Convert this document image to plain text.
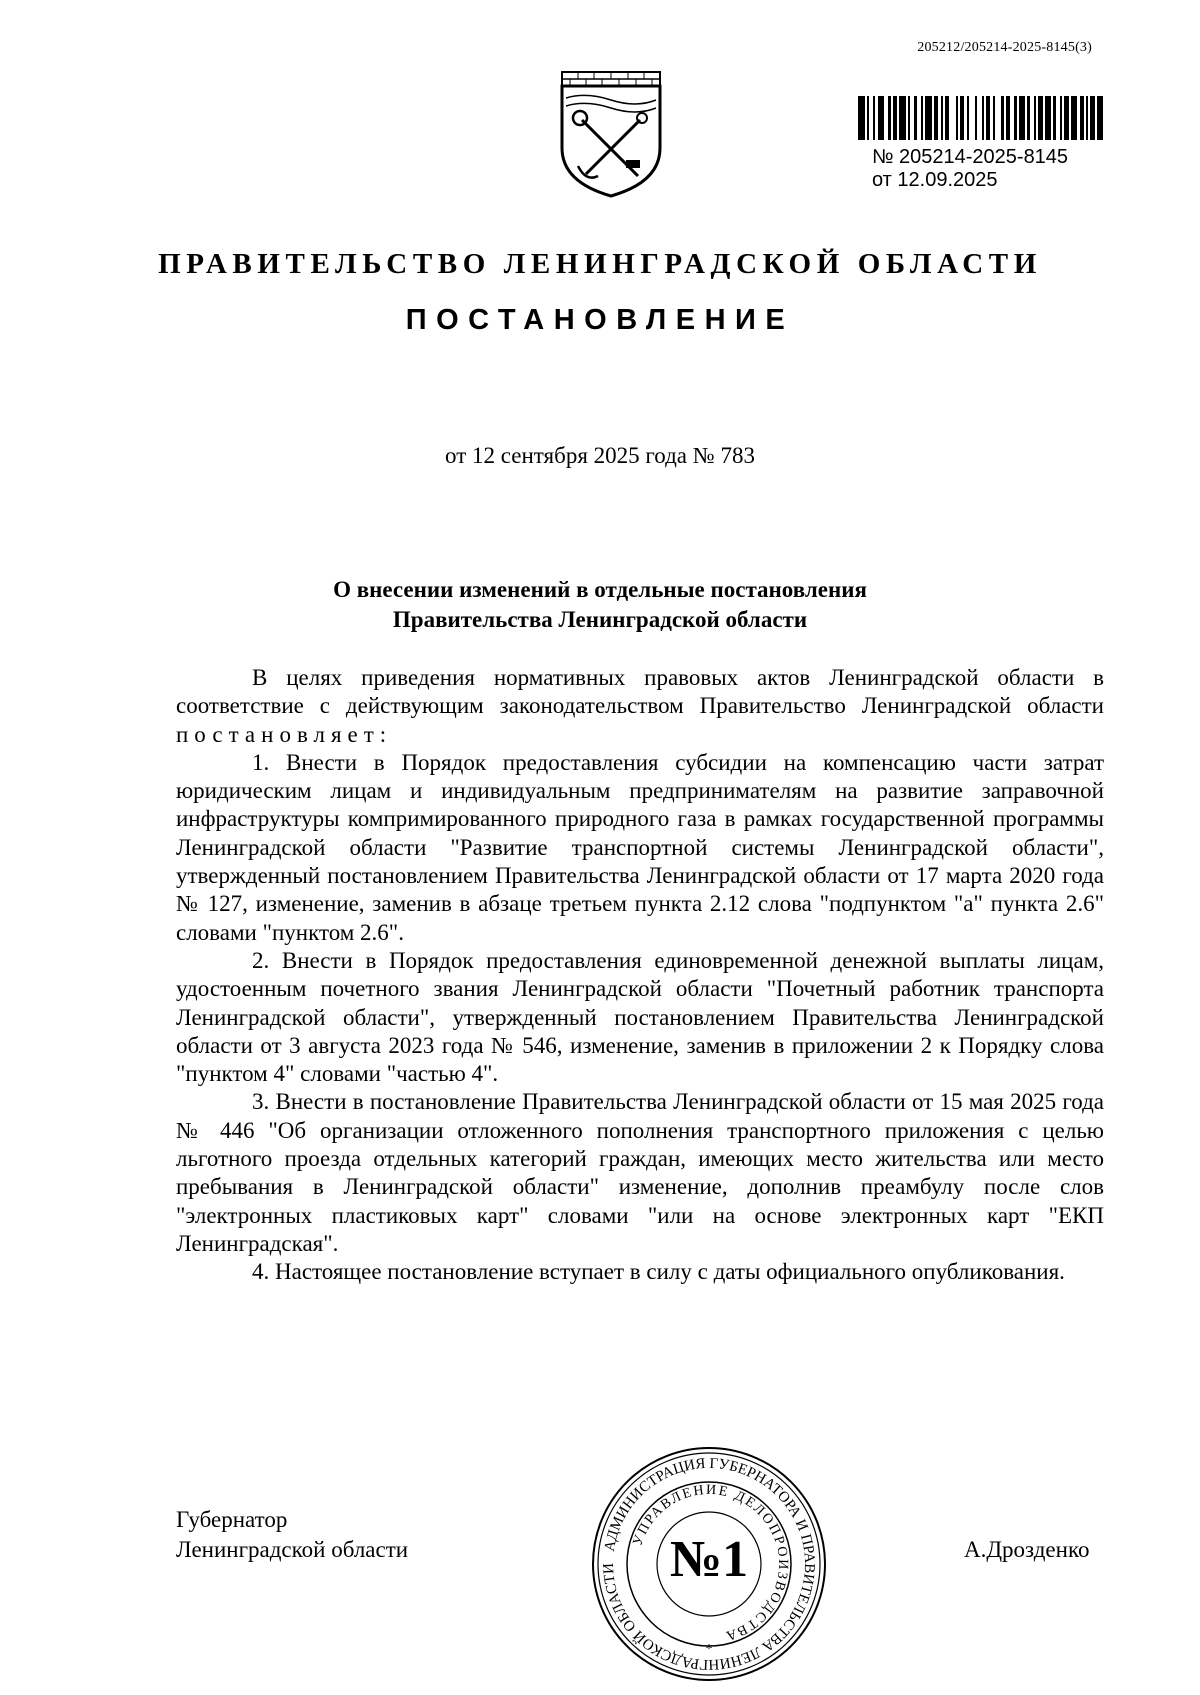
205212/205214-2025-8145(3)
№ 205214-2025-8145
от 12.09.2025
ПРАВИТЕЛЬСТВО ЛЕНИНГРАДСКОЙ ОБЛАСТИ
ПОСТАНОВЛЕНИЕ
от 12 сентября 2025 года № 783
О внесении изменений в отдельные постановления
Правительства Ленинградской области

В целях приведения нормативных правовых актов Ленинградской области в соответствие с действующим законодательством Правительство Ленинградской области постановляет:

1. Внести в Порядок предоставления субсидии на компенсацию части затрат юридическим лицам и индивидуальным предпринимателям на развитие заправочной инфраструктуры компримированного природного газа в рамках государственной программы Ленинградской области "Развитие транспортной системы Ленинградской области", утвержденный постановлением Правительства Ленинградской области от 17 марта 2020 года № 127, изменение, заменив в абзаце третьем пункта 2.12 слова "подпунктом "а" пункта 2.6" словами "пунктом 2.6".

2. Внести в Порядок предоставления единовременной денежной выплаты лицам, удостоенным почетного звания Ленинградской области "Почетный работник транспорта Ленинградской области", утвержденный постановлением Правительства Ленинградской области от 3 августа 2023 года № 546, изменение, заменив в приложении 2 к Порядку слова "пунктом 4" словами "частью 4".

3. Внести в постановление Правительства Ленинградской области от 15 мая 2025 года № 446 "Об организации отложенного пополнения транспортного приложения с целью льготного проезда отдельных категорий граждан, имеющих место жительства или место пребывания в Ленинградской области" изменение, дополнив преамбулу после слов "электронных пластиковых карт" словами "или на основе электронных карт "ЕКП Ленинградская".

4. Настоящее постановление вступает в силу с даты официального опубликования.

Губернатор
Ленинградской области	А.Дрозденко
АДМИНИСТРАЦИЯ ГУБЕРНАТОРА И ПРАВИТЕЛЬСТВА ЛЕНИНГРАДСКОЙ ОБЛАСТИ
УПРАВЛЕНИЕ ДЕЛОПРОИЗВОДСТВА
*
№1
